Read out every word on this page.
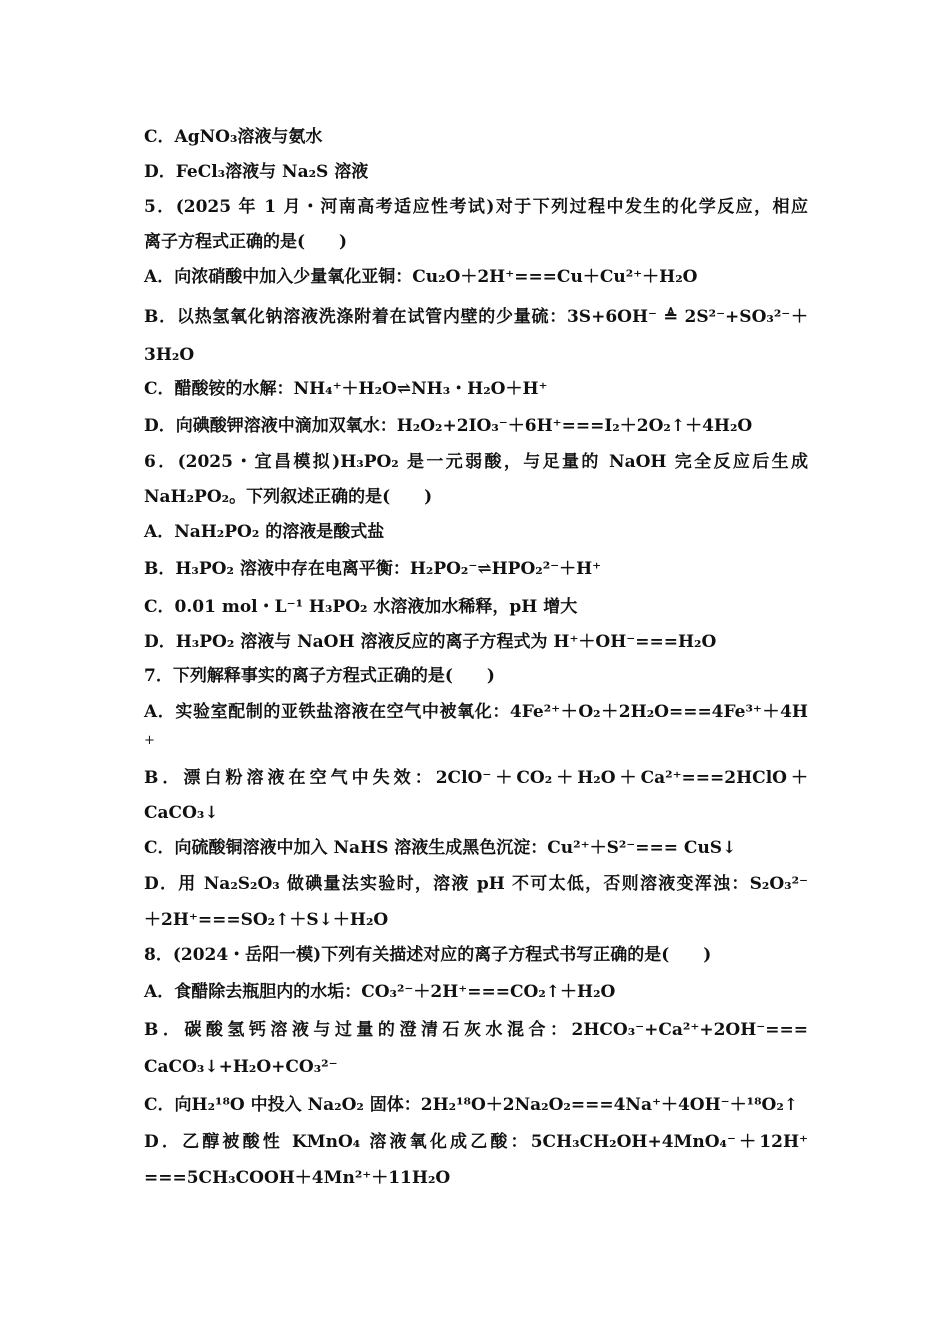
C．AgNO₃溶液与氨水
D．FeCl₃溶液与 Na₂S 溶液
5．(2025 年 1 月・河南高考适应性考试)对于下列过程中发生的化学反应，相应
离子方程式正确的是(　　)
A．向浓硝酸中加入少量氧化亚铜：Cu₂O＋2H⁺===Cu＋Cu²⁺＋H₂O
B．以热氢氧化钠溶液洗涤附着在试管内壁的少量硫：3S+6OH⁻ ≜ 2S²⁻+SO₃²⁻＋
3H₂O
C．醋酸铵的水解：NH₄⁺＋H₂O⇌NH₃・H₂O＋H⁺
D．向碘酸钾溶液中滴加双氧水：H₂O₂+2IO₃⁻＋6H⁺===I₂＋2O₂↑＋4H₂O
6．(2025・宜昌模拟)H₃PO₂ 是一元弱酸，与足量的 NaOH 完全反应后生成
NaH₂PO₂。下列叙述正确的是(　　)
A．NaH₂PO₂ 的溶液是酸式盐
B．H₃PO₂ 溶液中存在电离平衡：H₂PO₂⁻⇌HPO₂²⁻＋H⁺
C．0.01 mol・L⁻¹ H₃PO₂ 水溶液加水稀释，pH 增大
D．H₃PO₂ 溶液与 NaOH 溶液反应的离子方程式为 H⁺＋OH⁻===H₂O
7．下列解释事实的离子方程式正确的是(　　)
A．实验室配制的亚铁盐溶液在空气中被氧化：4Fe²⁺＋O₂＋2H₂O===4Fe³⁺＋4H
+
B．漂白粉溶液在空气中失效：2ClO⁻＋CO₂＋H₂O＋Ca²⁺===2HClO＋
CaCO₃↓
C．向硫酸铜溶液中加入 NaHS 溶液生成黑色沉淀：Cu²⁺＋S²⁻=== CuS↓
D．用 Na₂S₂O₃ 做碘量法实验时，溶液 pH 不可太低，否则溶液变浑浊：S₂O₃²⁻
＋2H⁺===SO₂↑＋S↓＋H₂O
8．(2024・岳阳一模)下列有关描述对应的离子方程式书写正确的是(　　)
A．食醋除去瓶胆内的水垢：CO₃²⁻＋2H⁺===CO₂↑＋H₂O
B．碳酸氢钙溶液与过量的澄清石灰水混合：2HCO₃⁻+Ca²⁺+2OH⁻===
CaCO₃↓+H₂O+CO₃²⁻
C．向H₂¹⁸O 中投入 Na₂O₂ 固体：2H₂¹⁸O＋2Na₂O₂===4Na⁺＋4OH⁻＋¹⁸O₂↑
D．乙醇被酸性 KMnO₄ 溶液氧化成乙酸：5CH₃CH₂OH+4MnO₄⁻＋12H⁺
===5CH₃COOH＋4Mn²⁺＋11H₂O
